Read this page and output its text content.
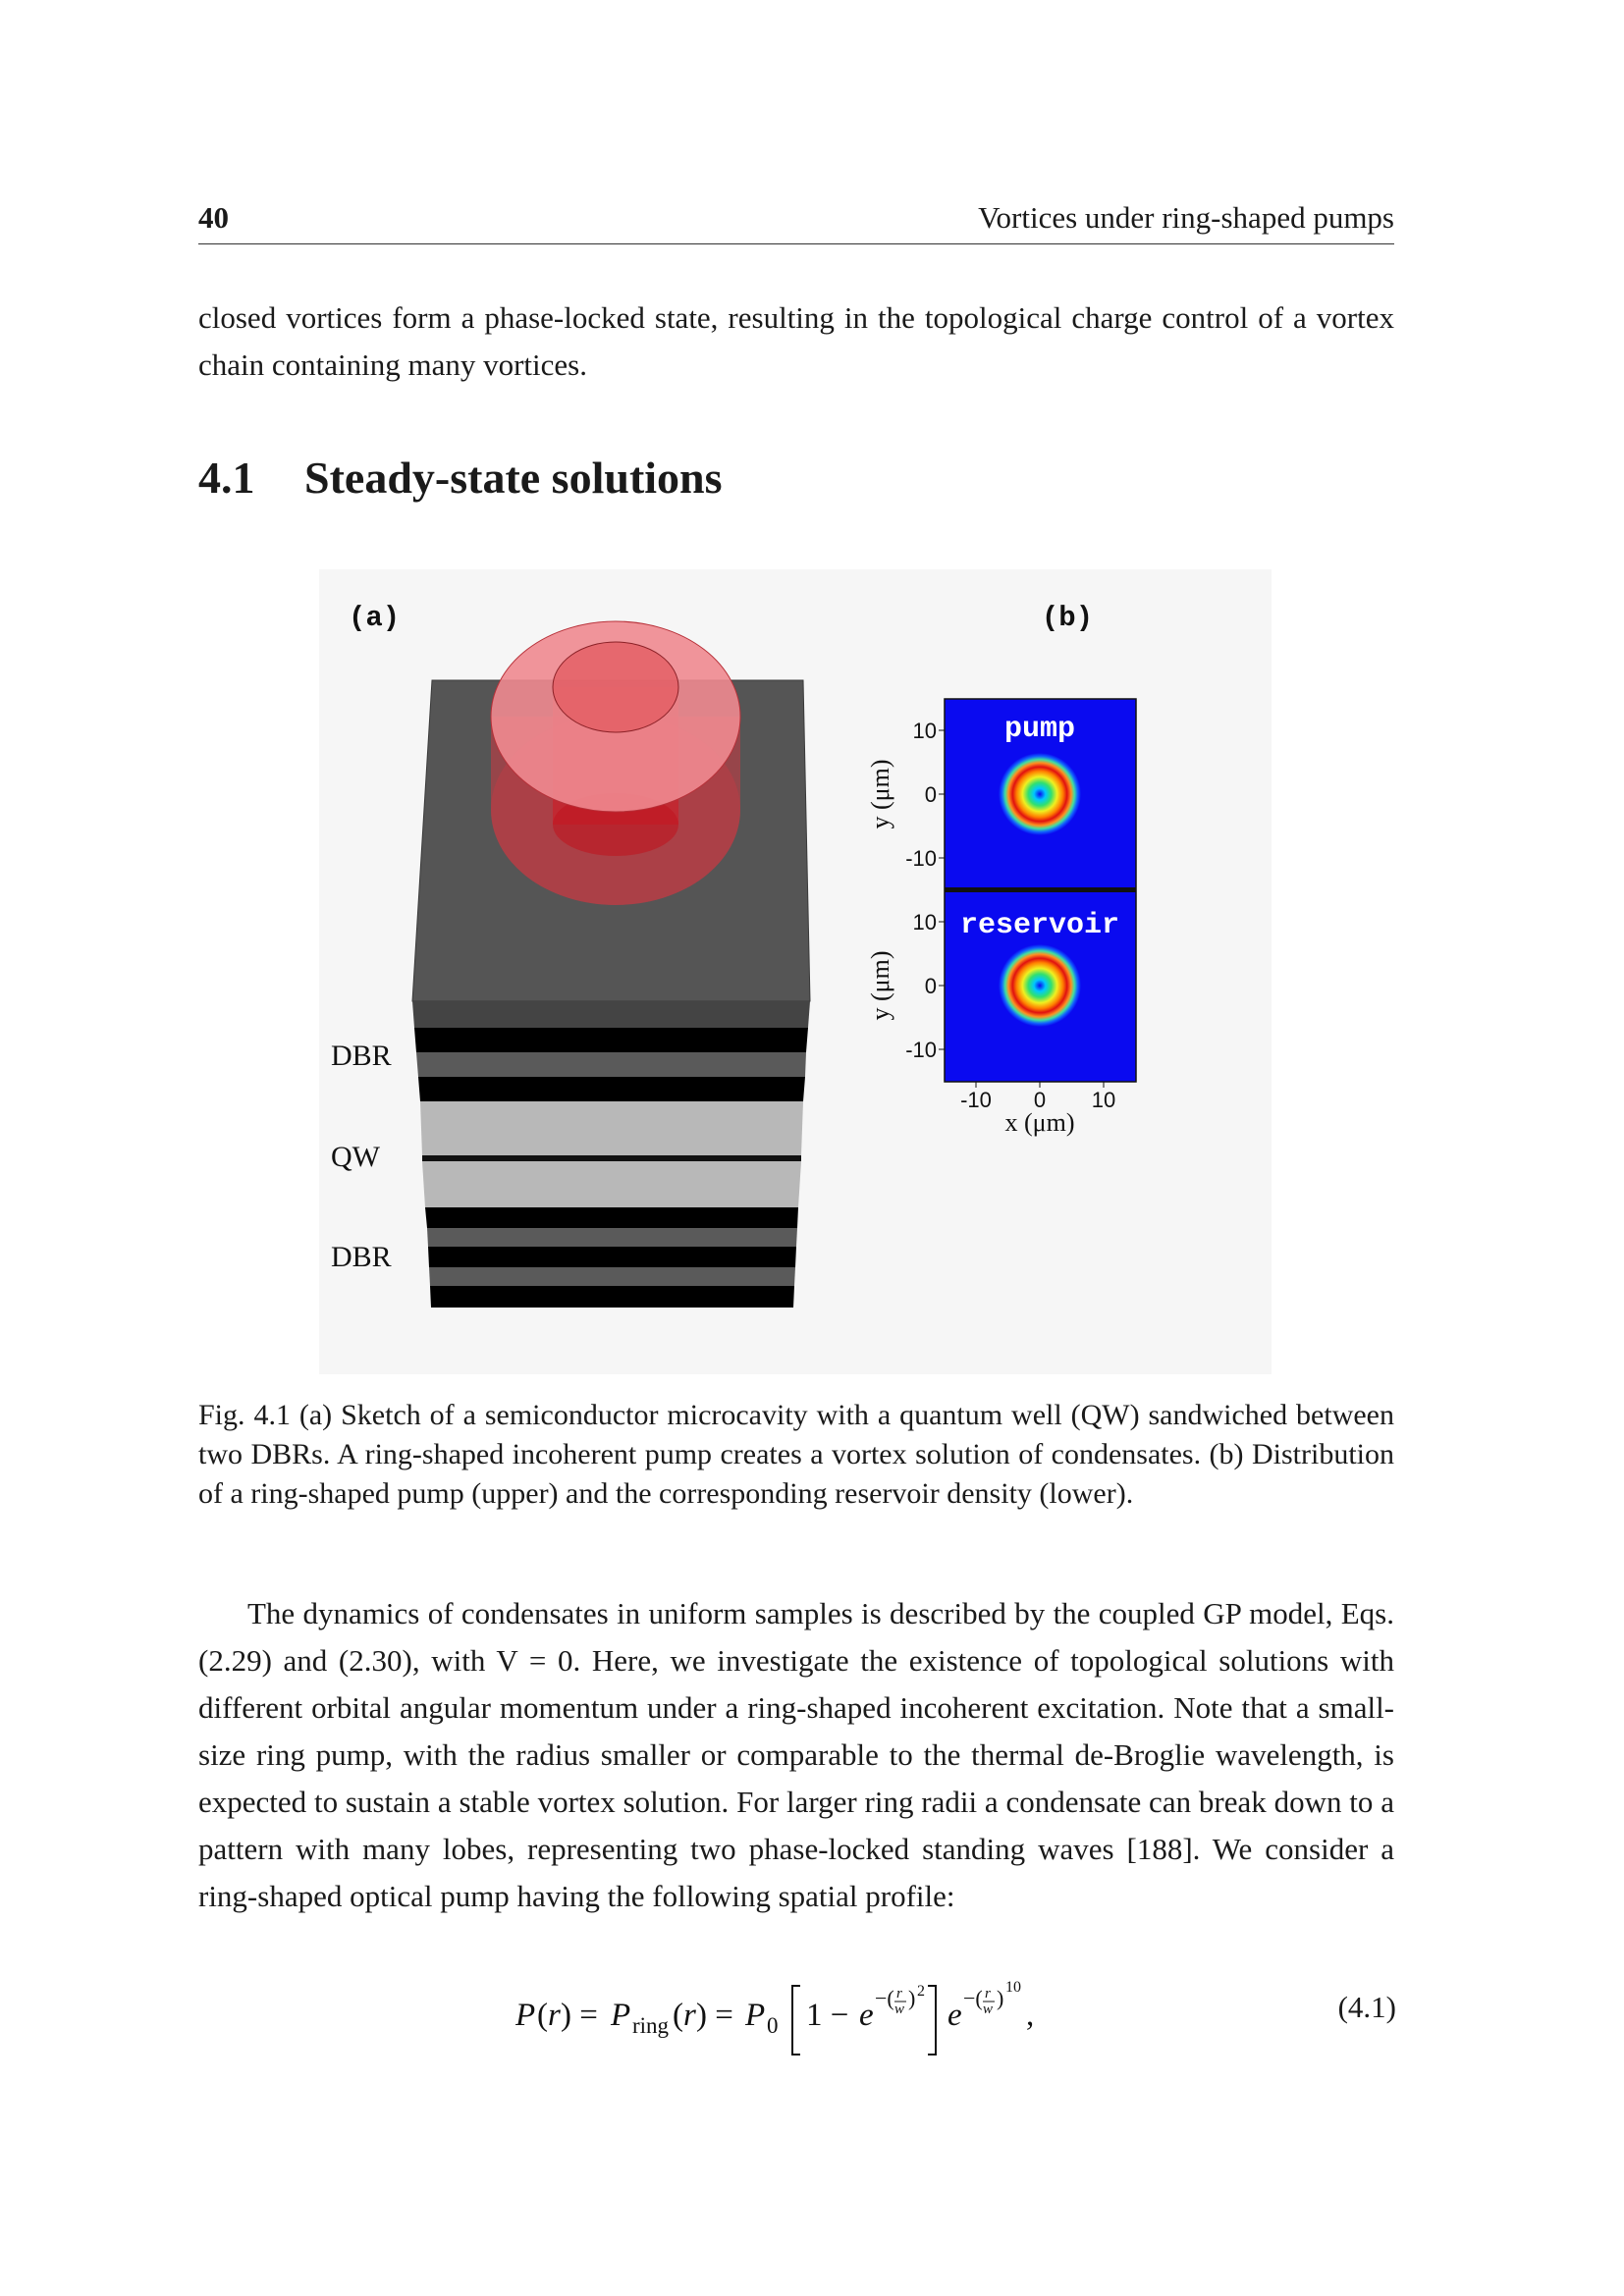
40	Vortices under ring-shaped pumps
closed vortices form a phase-locked state, resulting in the topological charge control of a vortex chain containing many vortices.
4.1 Steady-state solutions
(a)
DBR
QW
DBR
(b)
pump
reservoir
10
0
-10
y (μm)
10
0
-10
y (μm)
-10 0 10
x (μm)
Fig. 4.1 (a) Sketch of a semiconductor microcavity with a quantum well (QW) sandwiched between two DBRs. A ring-shaped incoherent pump creates a vortex solution of condensates. (b) Distribution of a ring-shaped pump (upper) and the corresponding reservoir density (lower).

The dynamics of condensates in uniform samples is described by the coupled GP model, Eqs. (2.29) and (2.30), with V = 0. Here, we investigate the existence of topological solutions with different orbital angular momentum under a ring-shaped incoherent excitation. Note that a small-size ring pump, with the radius smaller or comparable to the thermal de-Broglie wavelength, is expected to sustain a stable vortex solution. For larger ring radii a condensate can break down to a pattern with many lobes, representing two phase-locked standing waves [188]. We consider a ring-shaped optical pump having the following spatial profile:

P ( r ) = P ring ( r ) = P 0 1 − e −( r
w ) 2
e −( r
w ) 10
,	(4.1)
